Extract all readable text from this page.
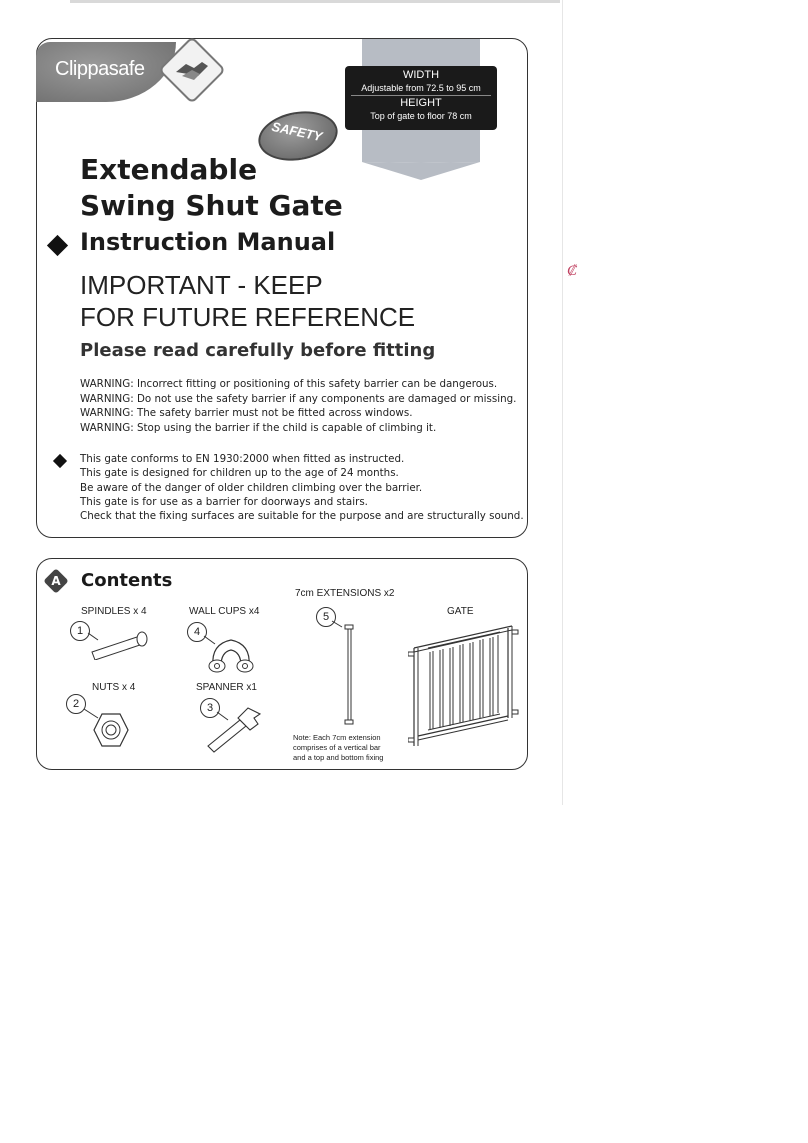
WIDTH
Adjustable from 72.5 to 95 cm
HEIGHT
Top of gate to floor 78 cm
Clippasafe
SAFETY
Extendable
Swing Shut Gate
Instruction Manual
IMPORTANT - KEEP
FOR FUTURE REFERENCE
Please read carefully before fitting
WARNING: Incorrect fitting or positioning of this safety barrier can be dangerous.
WARNING: Do not use the safety barrier if any components are damaged or missing.
WARNING: The safety barrier must not be fitted across windows.
WARNING: Stop using the barrier if the child is capable of climbing it.
This gate conforms to EN 1930:2000 when fitted as instructed.
This gate is designed for children up to the age of 24 months.
Be aware of the danger of older children climbing over the barrier.
This gate is for use as a barrier for doorways and stairs.
Check that the fixing surfaces are suitable for the purpose and are structurally sound.
A Contents
SPINDLES x 4
1
NUTS x 4
2
WALL CUPS x4
4
SPANNER x1
3
7cm EXTENSIONS x2
5
Note: Each 7cm extension
comprises of a vertical bar
and a top and bottom fixing
GATE
₡
